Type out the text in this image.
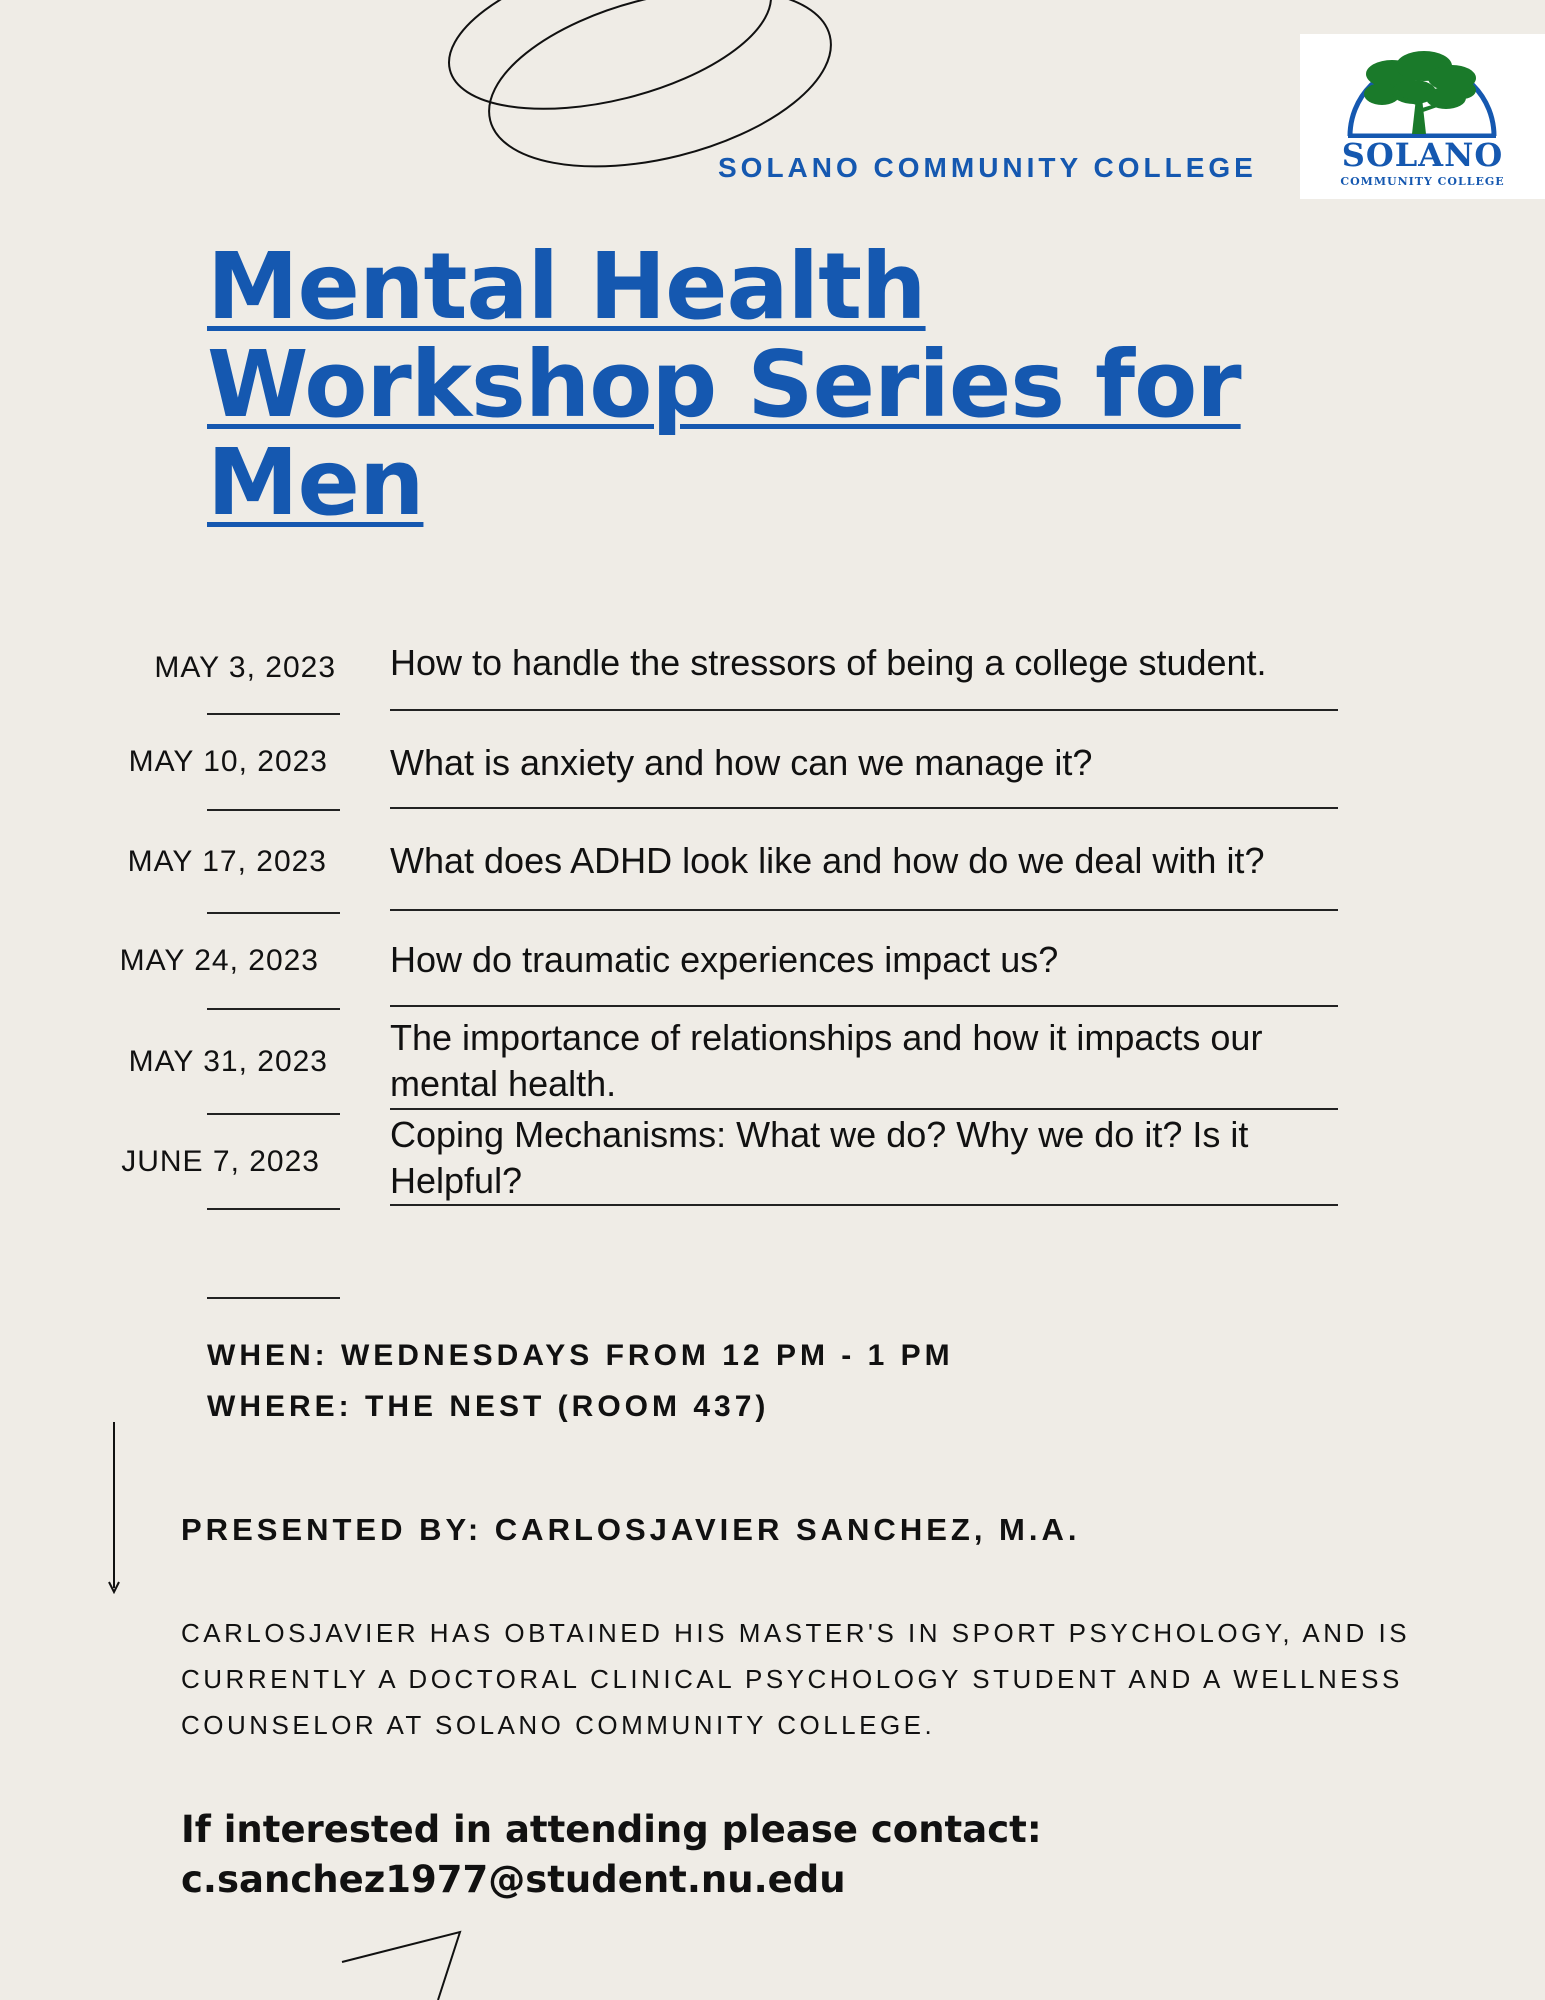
SOLANO
COMMUNITY COLLEGE
SOLANO COMMUNITY COLLEGE
Mental Health Workshop Series for Men
MAY 3, 2023 How to handle the stressors of being a college student.
MAY 10, 2023 What is anxiety and how can we manage it?
MAY 17, 2023 What does ADHD look like and how do we deal with it?
MAY 24, 2023 How do traumatic experiences impact us?
MAY 31, 2023
The importance of relationships and how it impacts our mental health.
JUNE 7, 2023
Coping Mechanisms: What we do? Why we do it? Is it Helpful?
WHEN: WEDNESDAYS FROM 12 PM - 1 PM
WHERE: THE NEST (ROOM 437)
PRESENTED BY: CARLOSJAVIER SANCHEZ, M.A.
CARLOSJAVIER HAS OBTAINED HIS MASTER'S IN SPORT PSYCHOLOGY, AND IS CURRENTLY A DOCTORAL CLINICAL PSYCHOLOGY STUDENT AND A WELLNESS COUNSELOR AT SOLANO COMMUNITY COLLEGE.
If interested in attending please contact:
c.sanchez1977@student.nu.edu
